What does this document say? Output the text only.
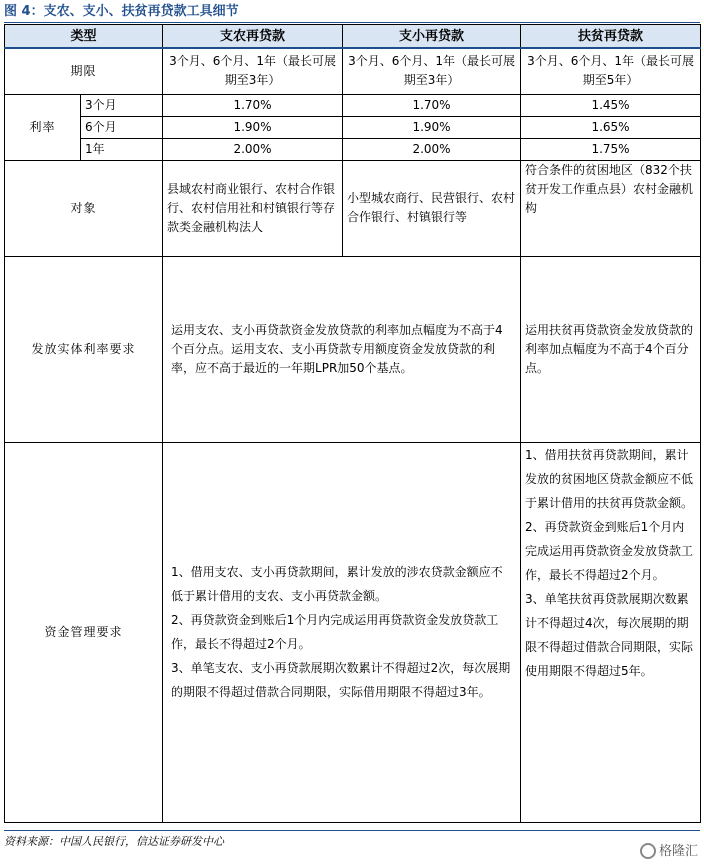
图 4：支农、支小、扶贫再贷款工具细节
类型		支农再贷款	支小再贷款	扶贫再贷款
期限		3个月、6个月、1年（最长可展期至3年）	3个月、6个月、1年（最长可展期至3年）	3个月、6个月、1年（最长可展期至5年）
利率	3个月	1.70%	1.70%	1.45%
	6个月	1.90%	1.90%	1.65%
	1年	2.00%	2.00%	1.75%
对象		县域农村商业银行、农村合作银行、农村信用社和村镇银行等存款类金融机构法人	小型城农商行、民营银行、农村合作银行、村镇银行等	符合条件的贫困地区（832个扶贫开发工作重点县）农村金融机构
发放实体利率要求		运用支农、支小再贷款资金发放贷款的利率加点幅度为不高于4个百分点。运用支农、支小再贷款专用额度资金发放贷款的利率，应不高于最近的一年期LPR加50个基点。		运用扶贫再贷款资金发放贷款的利率加点幅度为不高于4个百分点。
资金管理要求		1、借用支农、支小再贷款期间，累计发放的涉农贷款金额应不低于累计借用的支农、支小再贷款金额。
2、再贷款资金到账后1个月内完成运用再贷款资金发放贷款工作，最长不得超过2个月。
3、单笔支农、支小再贷款展期次数累计不得超过2次，每次展期的期限不得超过借款合同期限，实际借用期限不得超过3年。		1、借用扶贫再贷款期间，累计发放的贫困地区贷款金额应不低于累计借用的扶贫再贷款金额。
2、再贷款资金到账后1个月内完成运用再贷款资金发放贷款工作，最长不得超过2个月。
3、单笔扶贫再贷款展期次数累计不得超过4次，每次展期的期限不得超过借款合同期限，实际使用期限不得超过5年。
资料来源：中国人民银行，信达证券研发中心
格隆汇
